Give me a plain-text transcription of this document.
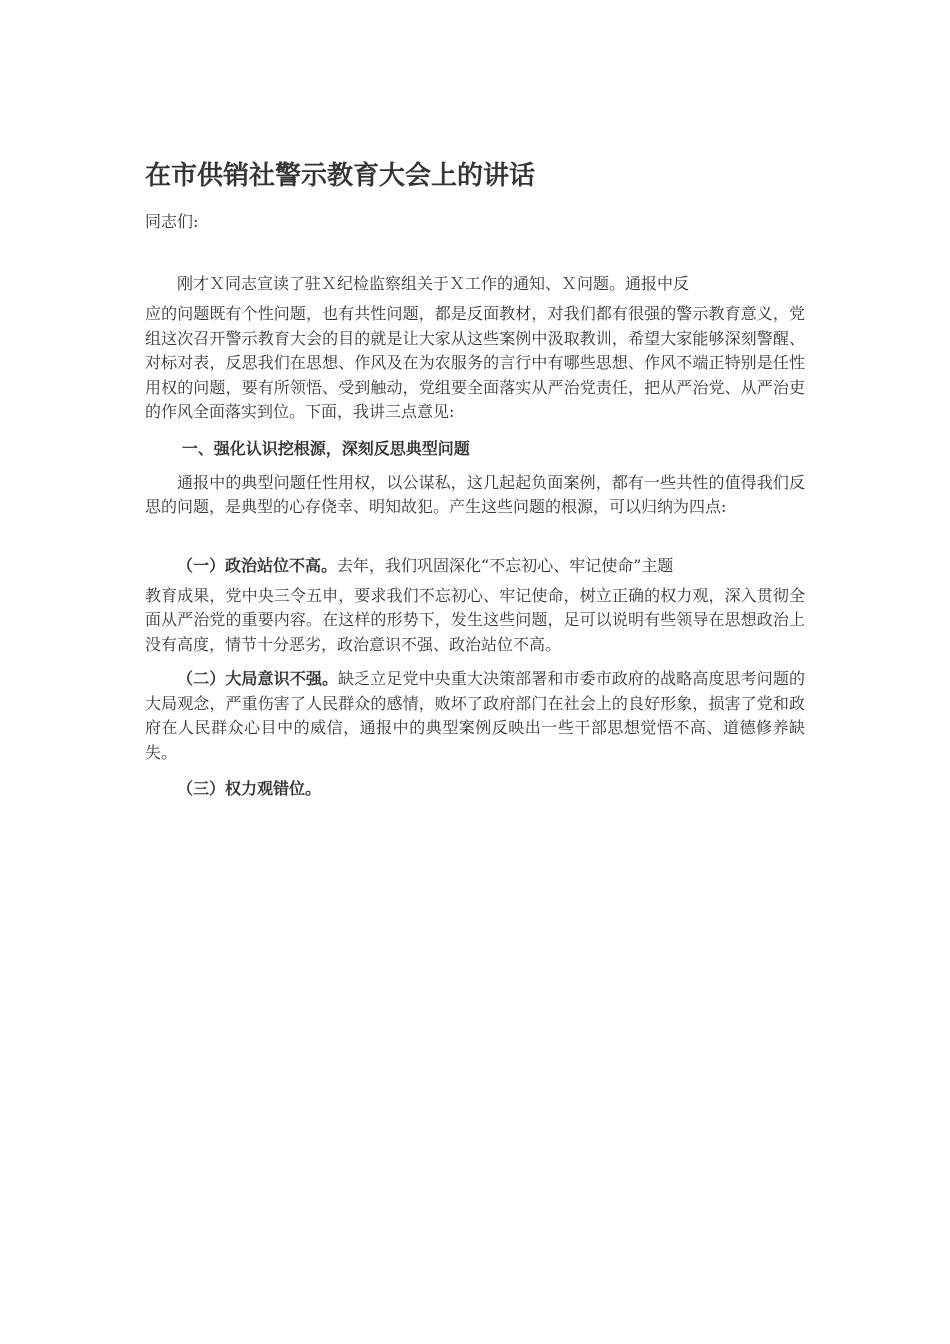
在市供销社警示教育大会上的讲话
同志们:

刚才Ｘ同志宣读了驻Ｘ纪检监察组关于Ｘ工作的通知、Ｘ问题。通报中反
应的问题既有个性问题，也有共性问题，都是反面教材，对我们都有很强的警示教育意义，党组这次召开警示教育大会的目的就是让大家从这些案例中汲取教训，希望大家能够深刻警醒、对标对表，反思我们在思想、作风及在为农服务的言行中有哪些思想、作风不端正特别是任性用权的问题，要有所领悟、受到触动，党组要全面落实从严治党责任，把从严治党、从严治吏的作风全面落实到位。下面，我讲三点意见:

一、强化认识挖根源，深刻反思典型问题

通报中的典型问题任性用权，以公谋私，这几起起负面案例，都有一些共性的值得我们反思的问题，是典型的心存侥幸、明知故犯。产生这些问题的根源，可以归纳为四点:

（一）政治站位不高。去年，我们巩固深化“不忘初心、牢记使命”主题
教育成果，党中央三令五申，要求我们不忘初心、牢记使命，树立正确的权力观，深入贯彻全面从严治党的重要内容。在这样的形势下，发生这些问题，足可以说明有些领导在思想政治上没有高度，情节十分恶劣，政治意识不强、政治站位不高。

（二）大局意识不强。缺乏立足党中央重大决策部署和市委市政府的战略高度思考问题的大局观念，严重伤害了人民群众的感情，败坏了政府部门在社会上的良好形象，损害了党和政府在人民群众心目中的威信，通报中的典型案例反映出一些干部思想觉悟不高、道德修养缺失。

（三）权力观错位。
